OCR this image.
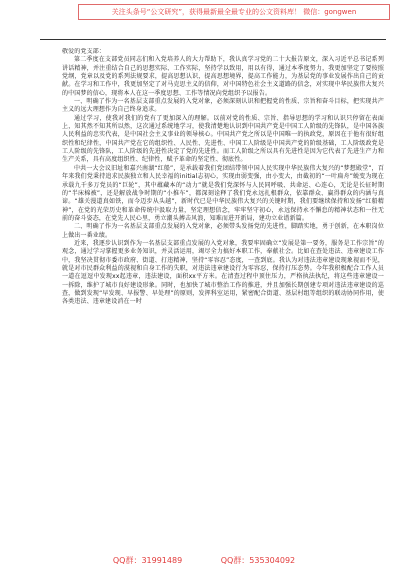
关注头条号“公文研究”，获得最新最全最专业的公文资料库！ 微信：gongwen

敬爱的党支部：

第二季度在支部党员同志们和入党培养人的大力帮助下，我认真学习党的二十大报告原文，深入习近平总书记系列讲话精神，并注重结合自己的思想实际、工作实际，坚持学以致用，用以有得，通过本季度努力，我更加坚定了要按照党纲，党章以及党的系列法规要求，提高思想认识，提高思想境界，提高工作能力，为基层党的事业发展作出自己的贡献。在学习和工作中，我更加坚定了对马克思主义的信仰，对中国特色社会主义道路的信念，对实现中华民族伟大复兴的中国梦的信心，现将本人在这一季度思想、工作等情况向党组织予以报告。

一、明确了作为一名基层支部重点发展的入党对象，必须深刻认识和把握党的性质、宗旨和奋斗目标，把实现共产主义的远大理想作为自己终身追求。

通过学习，使我对我们的党有了更加深入的理解。以前对党的性质、宗旨、指导思想的学习和认识只停留在表面上，知其然不知其所以然，这次通过系统地学习，使我清楚地认识到中国共产党是中国工人阶级的先锋队，是中国各族人民利益的忠实代表，是中国社会主义事业的领导核心。中国共产党之所以是中国唯一的执政党，原因在于他有很好组织性和纪律性，中国共产党在它的组织性、人民性、先进性、中国工人阶级是中国共产党的阶级基础，工人阶级政党是工人阶级的先锋队，工人阶级的先进性决定了党的先进性。而工人阶级之所以具有先进性是因为它代表了先进生产力和生产关系，具有高度组织性、纪律性，赋予革命的坚定性、彻底性。

中共一大会议旧址和嘉兴南湖“红船”，是承载着我们党团结带领中国人民实现中华民族伟大复兴的“梦想殿堂”，百年来我们党秉持追求民族独立和人民幸福的initial志初心，实现由弱变强，由小变大，由截初的“一叶扁舟”蜕变为现在承载九千多万党员的“巨轮”，其中蕴藏本的“动力”就是我们党深怀与人民同呼吸、共命运、心连心，无论是长征时期的“半床棉被”，还是解放战争时期的“小推车”，都深刻诠释了我们党永远扎根群众，依靠群众、赢得群众的内涵与真谛。“雄关漫道真如铁，而今迈步从头越”，新时代已是中华民族伟大复兴的关键时期，我们要继续保持和发扬“红船精神”，在党的光荣历史和革命传统中汲取力量，坚定理想信念，牢牢坚守初心，永远保持永不懈怠的精神状态和一往无前的奋斗姿态，在党先人民心里，勇立潮头搏击风浪，知难而进开新局，建功立业谱新篇。

二、明确了作为一名基层支部重点发展的入党对象，必须带头发扬党的先进性，脚踏实地，勇于创新，在本职岗位上做出一番业绩。

近来，我逐步认识到作为一名基层支部重点发展的入党对象，我要牢固确立“发展是第一要务，服务是工作宗旨”的观念，通过学习掌握更多业务知识，并灵活运用，竭尽全力搞好本职工作，奉献社会。比如在查处违法、违章建设工作中，我坚决贯彻市委市政府、街道、打违精神，坚持“零容忍”态度，一查到底。我认为对违法违章建设现象视而不见，就是对市民群众利益的漠视和自身工作的失职，对违法违章建设行为零容忍，保持打压态势。今年我积极配合工作人员一道在逗逗中发现xx起违章，违法建设，面积xx平方米。在清查过程中顶住压力，严格执法执纪，将这些违章建设一一拆除，维护了城市良好建设形象。同时，也加快了城市整治工作的推进，并且加强长期创建专项对违法违章建设的巡查，做到发现“早发现、早报警、早处理”的原则，发挥科室运用，紧密配合街道、基层村组等组织的联动协同作用，使各类违法、违章建设消在一时

QQ群：31991489	QQ群：535304092
